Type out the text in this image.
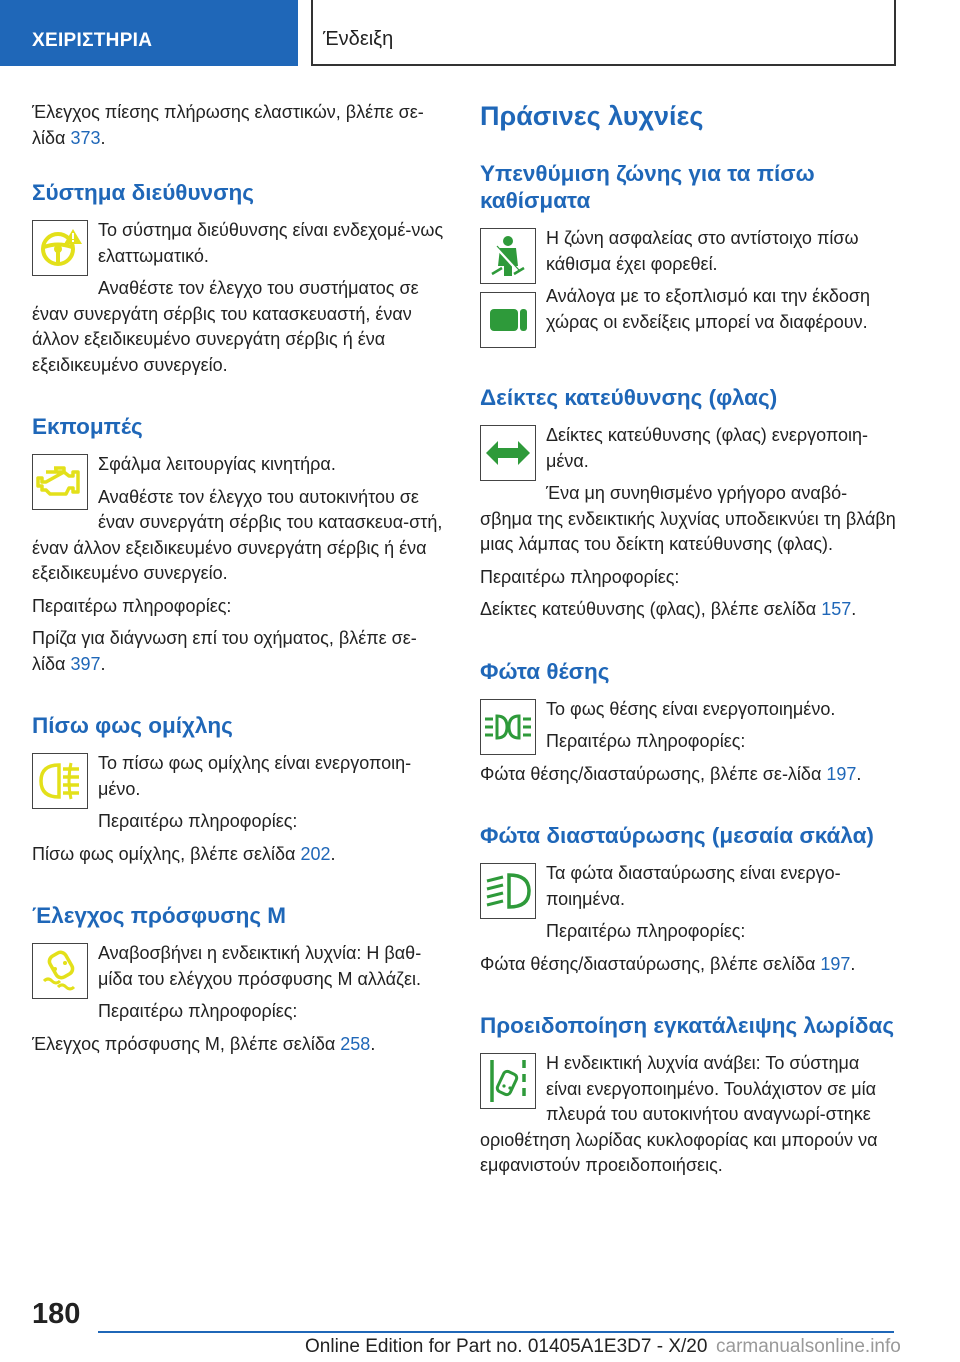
ΧΕΙΡΙΣΤΗΡΙΑ	Ένδειξη

Έλεγχος πίεσης πλήρωσης ελαστικών, βλέπε σε-λίδα 373.

Σύστημα διεύθυνσης

Το σύστημα διεύθυνσης είναι ενδεχομέ-νως ελαττωματικό.

Αναθέστε τον έλεγχο του συστήματος σε έναν συνεργάτη σέρβις του κατασκευαστή, έναν άλλον εξειδικευμένο συνεργάτη σέρβις ή ένα εξειδικευμένο συνεργείο.

Εκπομπές

Σφάλμα λειτουργίας κινητήρα.

Αναθέστε τον έλεγχο του αυτοκινήτου σε έναν συνεργάτη σέρβις του κατασκευα-στή, έναν άλλον εξειδικευμένο συνεργάτη σέρβις ή ένα εξειδικευμένο συνεργείο.

Περαιτέρω πληροφορίες:

Πρίζα για διάγνωση επί του οχήματος, βλέπε σε-λίδα 397.

Πίσω φως ομίχλης

Το πίσω φως ομίχλης είναι ενεργοποιη-μένο.

Περαιτέρω πληροφορίες:

Πίσω φως ομίχλης, βλέπε σελίδα 202.

Έλεγχος πρόσφυσης M

Αναβοσβήνει η ενδεικτική λυχνία: Η βαθ-μίδα του ελέγχου πρόσφυσης M αλλάζει.

Περαιτέρω πληροφορίες:

Έλεγχος πρόσφυσης M, βλέπε σελίδα 258.

Πράσινες λυχνίες
Υπενθύμιση ζώνης για τα πίσω καθίσματα

Η ζώνη ασφαλείας στο αντίστοιχο πίσω κάθισμα έχει φορεθεί.

Ανάλογα με το εξοπλισμό και την έκδοση χώρας οι ενδείξεις μπορεί να διαφέρουν.

Δείκτες κατεύθυνσης (φλας)

Δείκτες κατεύθυνσης (φλας) ενεργοποιη-μένα.

Ένα μη συνηθισμένο γρήγορο αναβό-σβημα της ενδεικτικής λυχνίας υποδεικνύει τη βλάβη μιας λάμπας του δείκτη κατεύθυνσης (φλας).

Περαιτέρω πληροφορίες:

Δείκτες κατεύθυνσης (φλας), βλέπε σελίδα 157.

Φώτα θέσης

Το φως θέσης είναι ενεργοποιημένο.

Περαιτέρω πληροφορίες:

Φώτα θέσης/διασταύρωσης, βλέπε σε-λίδα 197.

Φώτα διασταύρωσης (μεσαία σκάλα)

Τα φώτα διασταύρωσης είναι ενεργο-ποιημένα.

Περαιτέρω πληροφορίες:

Φώτα θέσης/διασταύρωσης, βλέπε σελίδα 197.

Προειδοποίηση εγκατάλειψης λωρίδας

Η ενδεικτική λυχνία ανάβει: Το σύστημα είναι ενεργοποιημένο. Τουλάχιστον σε μία πλευρά του αυτοκινήτου αναγνωρί-στηκε οριοθέτηση λωρίδας κυκλοφορίας και μπορούν να εμφανιστούν προειδοποιήσεις.

180
Online Edition for Part no. 01405A1E3D7 - X/20 carmanualsonline.info
